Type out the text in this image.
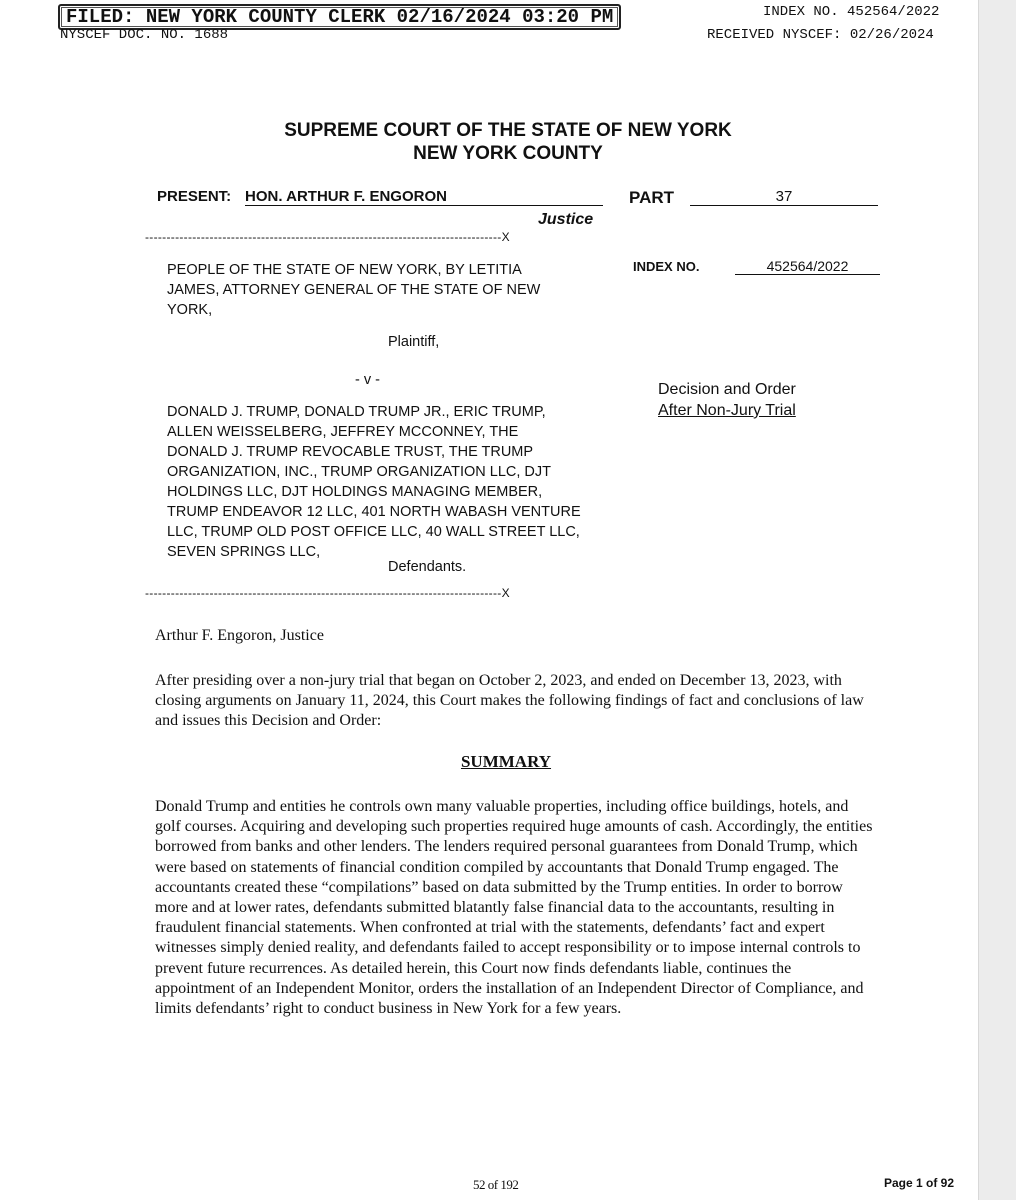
FILED: NEW YORK COUNTY CLERK 02/16/2024 03:20 PM	INDEX NO. 452564/2022
NYSCEF DOC. NO. 1688	RECEIVED NYSCEF: 02/26/2024
SUPREME COURT OF THE STATE OF NEW YORK
NEW YORK COUNTY
PRESENT: HON. ARTHUR F. ENGORON
Justice
PART	37
-----------------------------------------------------------------------------------X
INDEX NO.	452564/2022
PEOPLE OF THE STATE OF NEW YORK, BY LETITIA JAMES, ATTORNEY GENERAL OF THE STATE OF NEW YORK,
Plaintiff,
- v -
DONALD J. TRUMP, DONALD TRUMP JR., ERIC TRUMP, ALLEN WEISSELBERG, JEFFREY MCCONNEY, THE DONALD J. TRUMP REVOCABLE TRUST, THE TRUMP ORGANIZATION, INC., TRUMP ORGANIZATION LLC, DJT HOLDINGS LLC, DJT HOLDINGS MANAGING MEMBER, TRUMP ENDEAVOR 12 LLC, 401 NORTH WABASH VENTURE LLC, TRUMP OLD POST OFFICE LLC, 40 WALL STREET LLC, SEVEN SPRINGS LLC,
Defendants.
-----------------------------------------------------------------------------------X
Decision and Order
After Non-Jury Trial
Arthur F. Engoron, Justice
After presiding over a non-jury trial that began on October 2, 2023, and ended on December 13, 2023, with closing arguments on January 11, 2024, this Court makes the following findings of fact and conclusions of law and issues this Decision and Order:
SUMMARY
Donald Trump and entities he controls own many valuable properties, including office buildings, hotels, and golf courses. Acquiring and developing such properties required huge amounts of cash. Accordingly, the entities borrowed from banks and other lenders. The lenders required personal guarantees from Donald Trump, which were based on statements of financial condition compiled by accountants that Donald Trump engaged. The accountants created these “compilations” based on data submitted by the Trump entities. In order to borrow more and at lower rates, defendants submitted blatantly false financial data to the accountants, resulting in fraudulent financial statements. When confronted at trial with the statements, defendants’ fact and expert witnesses simply denied reality, and defendants failed to accept responsibility or to impose internal controls to prevent future recurrences. As detailed herein, this Court now finds defendants liable, continues the appointment of an Independent Monitor, orders the installation of an Independent Director of Compliance, and limits defendants’ right to conduct business in New York for a few years.
52 of 192	Page 1 of 92
